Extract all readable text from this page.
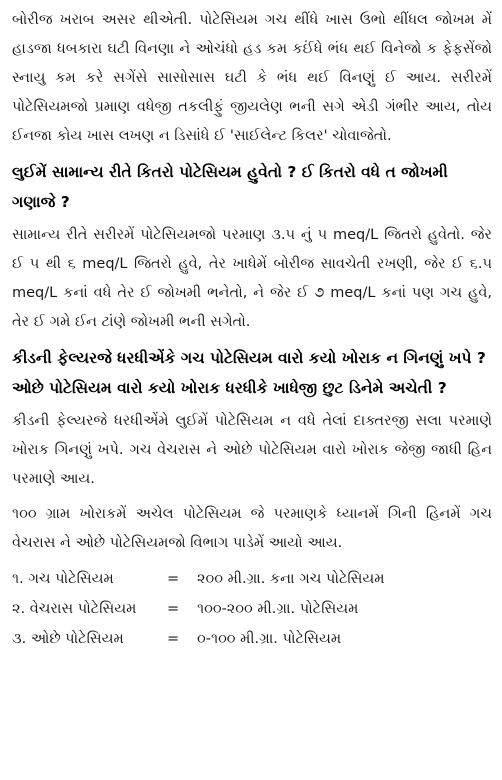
બોરીજ ખરાબ અસર થીએતી. પોટેસિયમ ગચ થીંધે ખાસ ઉભો થીંધલ જોખમ મેં હાડજા ધબકારા ઘટી વિનણા ને ઓચંધો હડ કમ કઈંધે ભંધ થઈ વિનેજો ક ફેફસેંજો સ્નાયુ કમ કરે સગેંસે સાસોસાસ ઘટી કે ભંધ થઈ વિનણું ઈ આય. સરીરમેં પોટેસિયમજો પ્રમાણ વધેજી તકલીફું જીયલેણ ભની સગે એડી ગંભીર આય, તોય ઈનજા કોય ખાસ લખણ ન ડિસાંધે ઈ 'સાઈલેન્ટ કિલર' ચોવાજેતો.

લુઈમેં સામાન્ય રીતે કિતરો પોટેસિયમ હુવેતો ? ઈ કિતરો વધે ત જોખમી ગણાજે ?

સામાન્ય રીતે સરીરમેં પોટેસિયમજો પરમાણ ૩.૫ નું ૫ meq/L જિતરો હુવેતો. જેર ઈ ૫ થી ૬ meq/L જિતરો હુવે, તેર ખાધેમેં બોરીજ સાવચેતી રખણી, જેર ઈ ૬.૫ meq/L કનાં વધે તેર ઈ જોખમી ભનેતો, ને જેર ઈ ૭ meq/L કનાં પણ ગચ હુવે, તેર ઈ ગમે ઈન ટાંણે જોખમી ભની સગેતો.

કીડની ફેલ્યરજે ધરધીએંકે ગચ પોટેસિયમ વારો કયો ખોરાક ન ગિનણું ખપે ? ઓછે પોટેસિયમ વારો કયો ખોરાક ધરધીકે ખાધેજી છુટ ડિનેમે અચેતી ?

કીડની ફેલ્યરજે ધરધીએંમે લુઈમેં પોટેસિયમ ન વધે તેલાં દાક્તરજી સલા પરમાણે ખોરાક ગિનણું ખપે. ગચ વેચરાસ ને ઓછે પોટેસિયમ વારો ખોરાક જેજી જાધી હિન પરમાણે આય.

૧૦૦ ગ્રામ ખોરાકમેં અચેલ પોટેસિયમ જે પરમાણકે ધ્યાનમેં ગિની હિનમેં ગચ વેચરાસ ને ઓછે પોટેસિયમજો વિભાગ પાડેમેં આયો આય.

૧. ગચ પોટેસિયમ	=	૨૦૦ મી.ગ્રા. કના ગચ પોટેસિયમ
૨. વેચરાસ પોટેસિયમ	=	૧૦૦-૨૦૦ મી.ગ્રા. પોટેસિયમ
૩. ઓછે પોટેસિયમ	=	૦-૧૦૦ મી.ગ્રા. પોટેસિયમ
